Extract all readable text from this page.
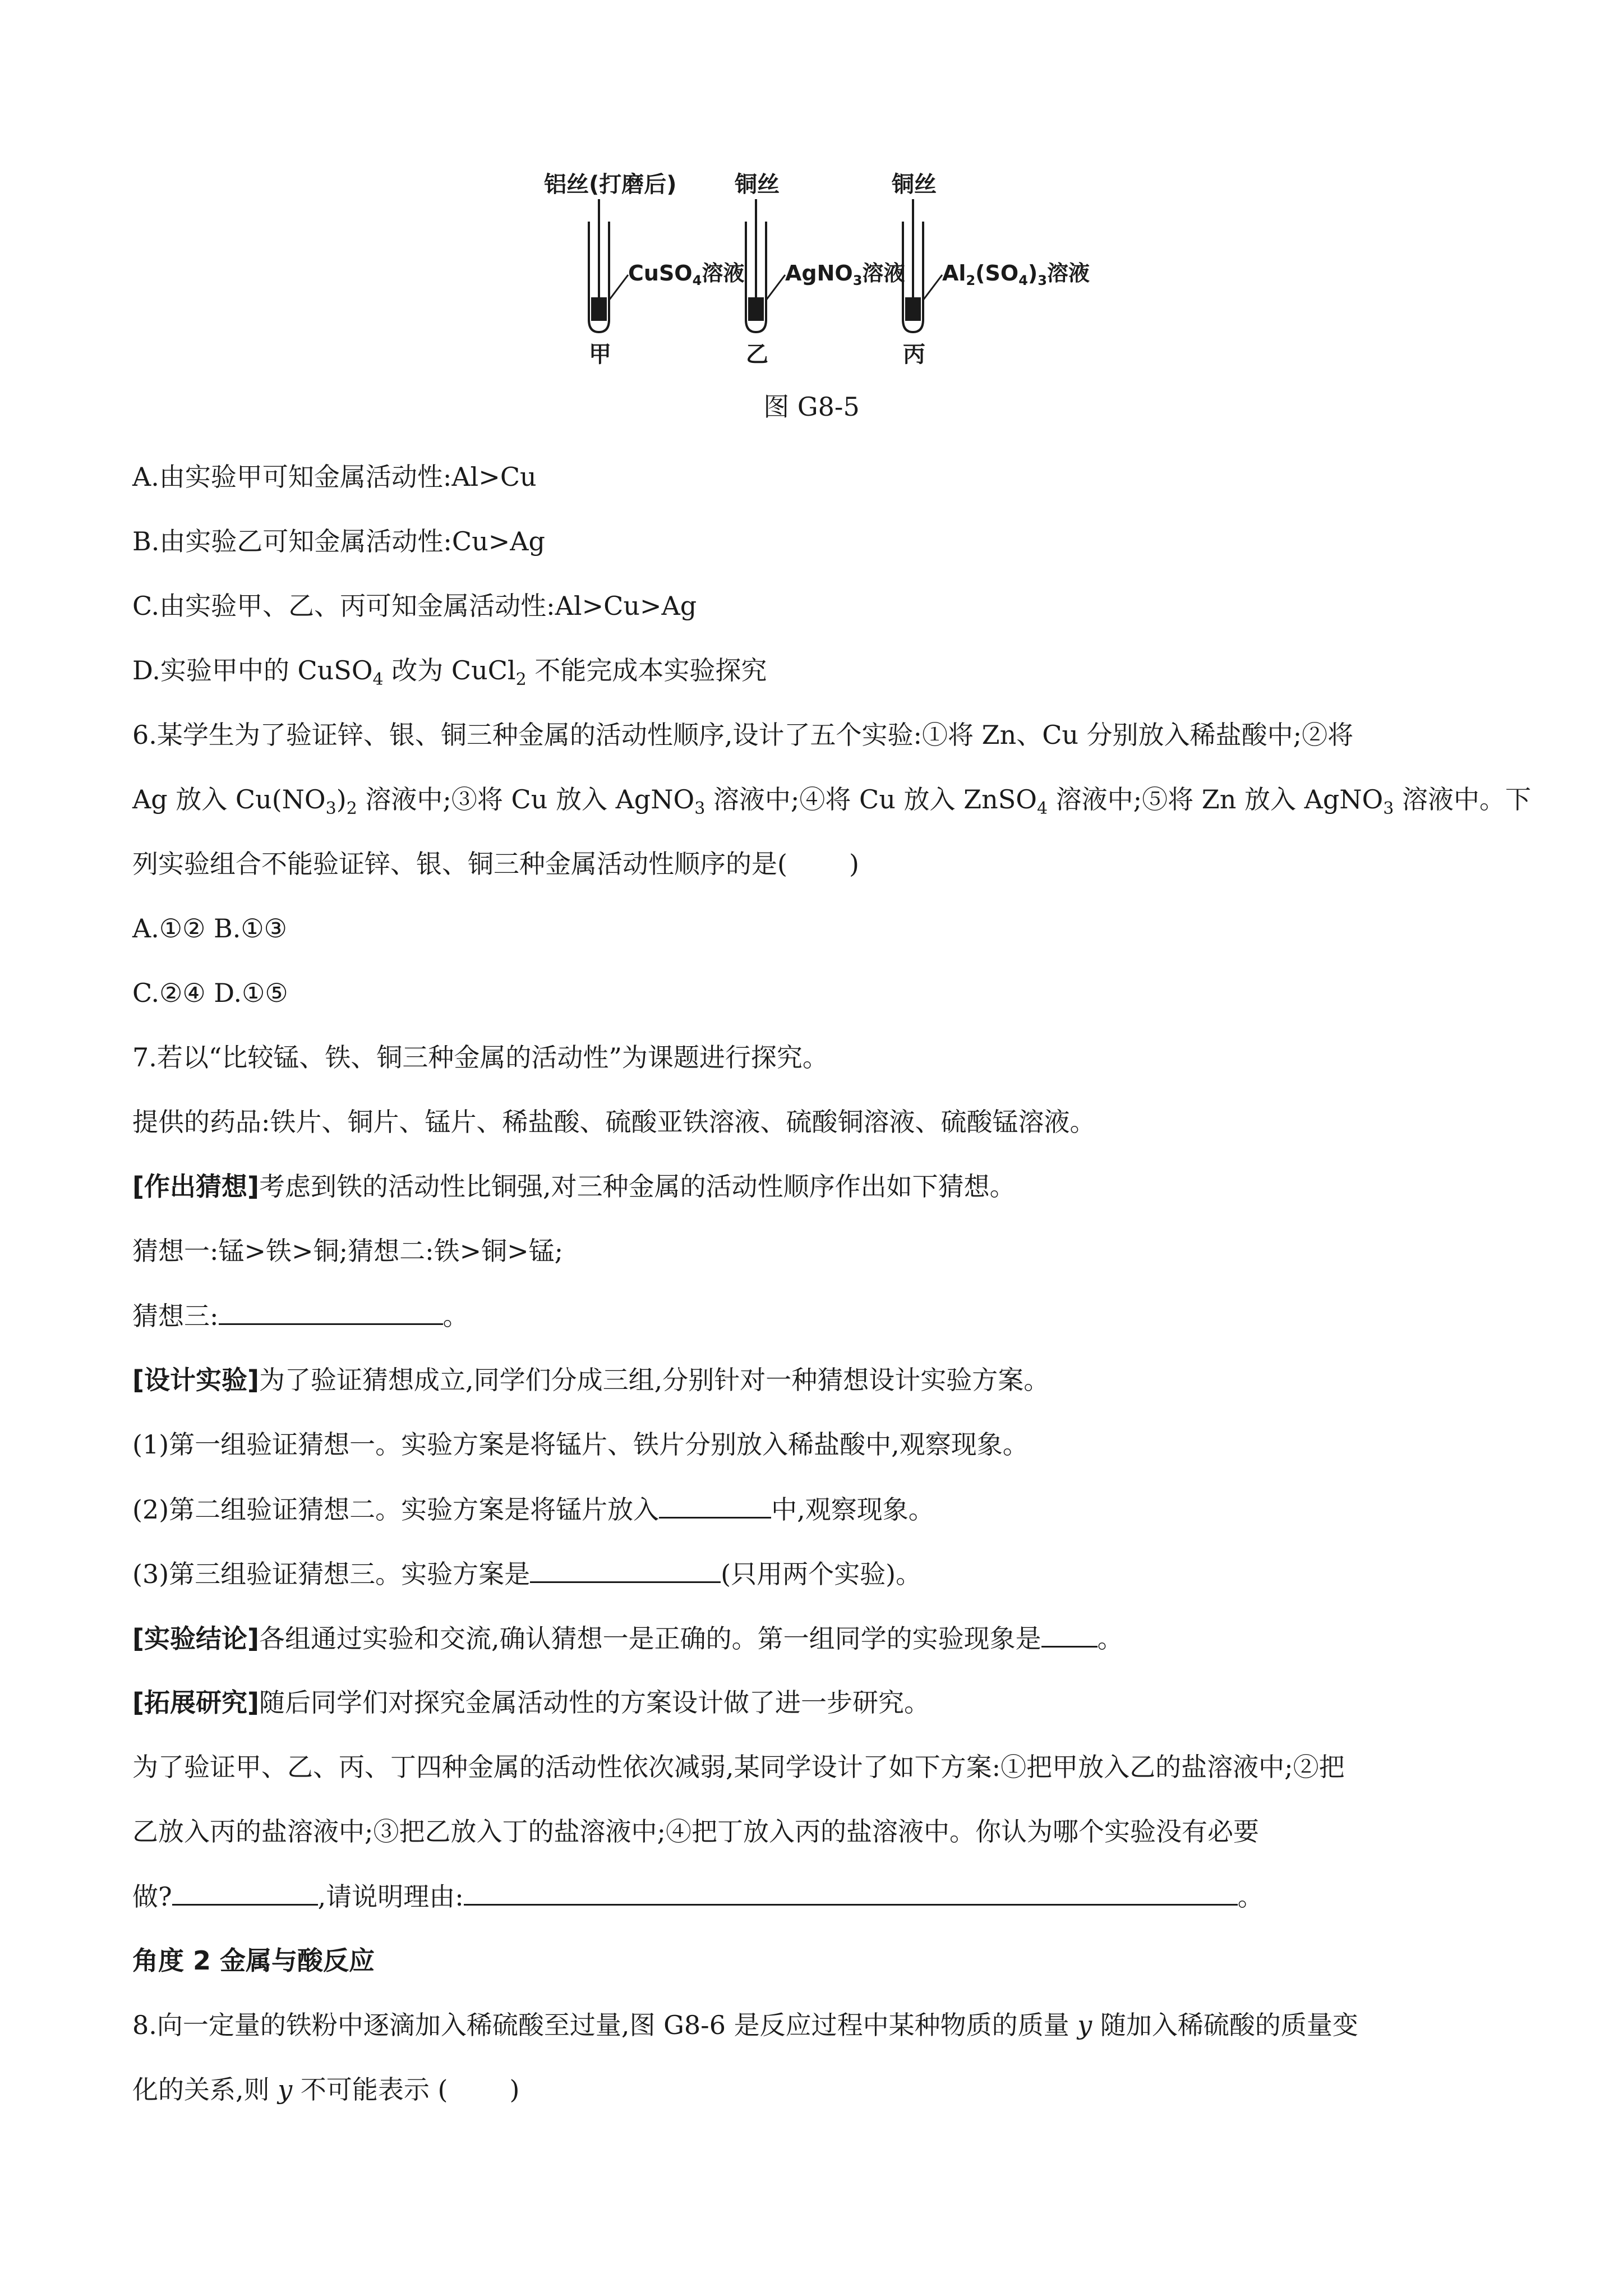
铝丝(打磨后)
CuSO$_4$溶液
甲
铜丝
AgNO$_3$溶液
乙
铜丝
$Al_2(SO_4)_3$溶液
丙
图 G8-5
A.由实验甲可知金属活动性:Al>Cu
B.由实验乙可知金属活动性:Cu>Ag
C.由实验甲、乙、丙可知金属活动性:Al>Cu>Ag
D.实验甲中的 CuSO$_4$ 改为 CuCl$_2$ 不能完成本实验探究
6.某学生为了验证锌、银、铜三种金属的活动性顺序,设计了五个实验:①将 Zn、Cu 分别放入稀盐酸中;②将
Ag 放入 $Cu(NO_3)_2$ 溶液中;③将 Cu 放入 AgNO$_3$ 溶液中;④将 Cu 放入 ZnSO$_4$ 溶液中;⑤将 Zn 放入 AgNO$_3$ 溶液中。下
列实验组合不能验证锌、银、铜三种金属活动性顺序的是( )
A.①② B.①③
C.②④ D.①⑤
7.若以“比较锰、铁、铜三种金属的活动性”为课题进行探究。
提供的药品:铁片、铜片、锰片、稀盐酸、硫酸亚铁溶液、硫酸铜溶液、硫酸锰溶液。
[作出猜想]考虑到铁的活动性比铜强,对三种金属的活动性顺序作出如下猜想。
猜想一:锰>铁>铜;猜想二:铁>铜>锰;
猜想三:	。
[设计实验]为了验证猜想成立,同学们分成三组,分别针对一种猜想设计实验方案。
(1)第一组验证猜想一。实验方案是将锰片、铁片分别放入稀盐酸中,观察现象。
(2)第二组验证猜想二。实验方案是将锰片放入	中,观察现象。
(3)第三组验证猜想三。实验方案是	(只用两个实验)。
[实验结论]各组通过实验和交流,确认猜想一是正确的。第一组同学的实验现象是 。
[拓展研究]随后同学们对探究金属活动性的方案设计做了进一步研究。
为了验证甲、乙、丙、丁四种金属的活动性依次减弱,某同学设计了如下方案:①把甲放入乙的盐溶液中;②把
乙放入丙的盐溶液中;③把乙放入丁的盐溶液中;④把丁放入丙的盐溶液中。你认为哪个实验没有必要
做?	,请说明理由:	。
角度 2 金属与酸反应
8.向一定量的铁粉中逐滴加入稀硫酸至过量,图 G8-6 是反应过程中某种物质的质量 y 随加入稀硫酸的质量变
化的关系,则 y 不可能表示 ( )
